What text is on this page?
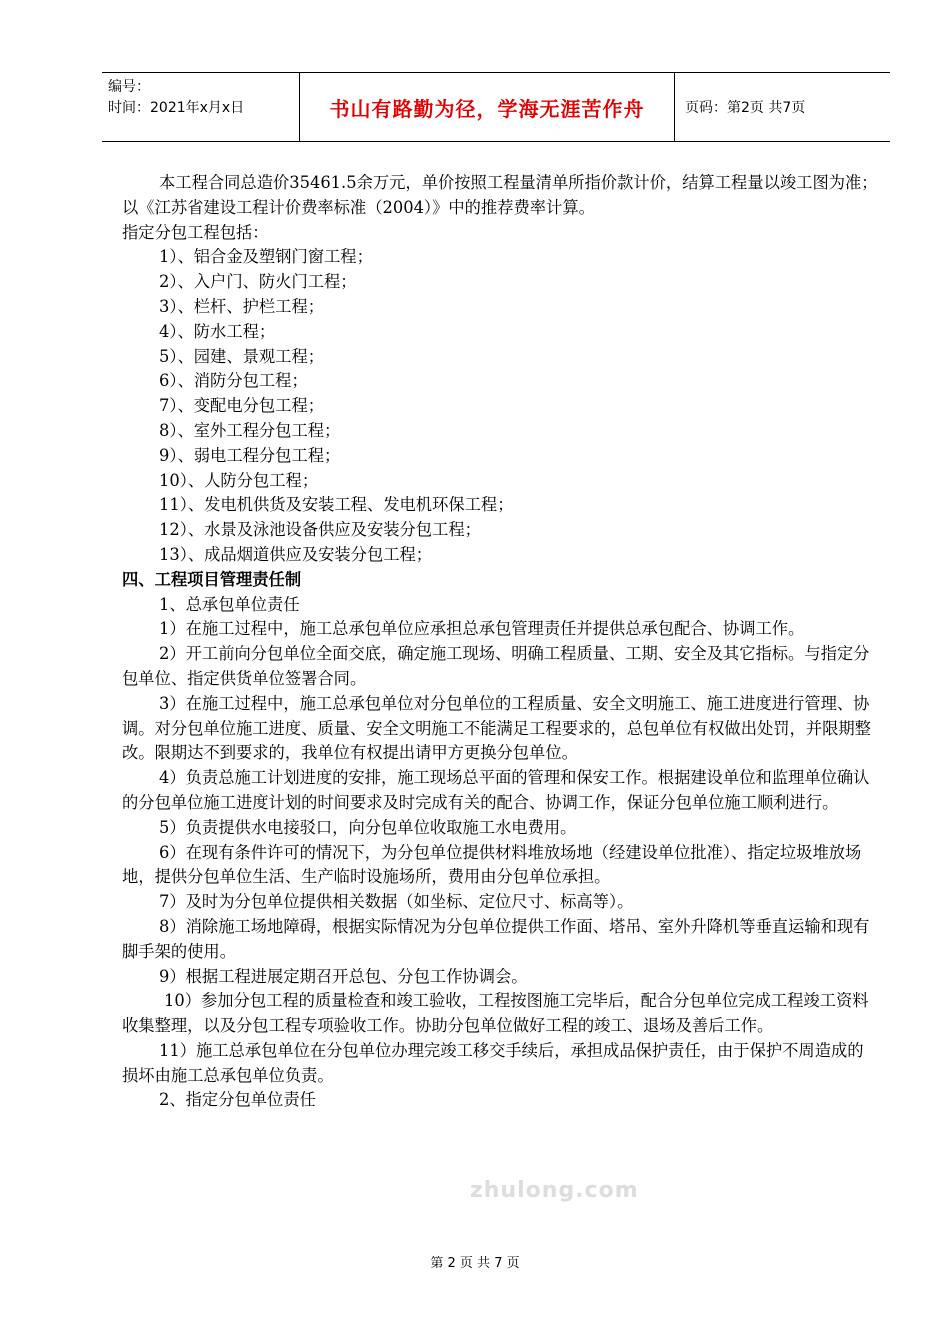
编号：
时间：2021年x月x日	书山有路勤为径，学海无涯苦作舟	页码：第2页 共7页

本工程合同总造价35461.5余万元，单价按照工程量清单所指价款计价，结算工程量以竣工图为准；以《江苏省建设工程计价费率标准（2004）》中的推荐费率计算。

指定分包工程包括：

1）、铝合金及塑钢门窗工程；

2）、入户门、防火门工程；

3）、栏杆、护栏工程；

4）、防水工程；

5）、园建、景观工程；

6）、消防分包工程；

7）、变配电分包工程；

8）、室外工程分包工程；

9）、弱电工程分包工程；

10）、人防分包工程；

11）、发电机供货及安装工程、发电机环保工程；

12）、水景及泳池设备供应及安装分包工程；

13）、成品烟道供应及安装分包工程；

四、工程项目管理责任制

1、总承包单位责任

1）在施工过程中，施工总承包单位应承担总承包管理责任并提供总承包配合、协调工作。

2）开工前向分包单位全面交底，确定施工现场、明确工程质量、工期、安全及其它指标。与指定分包单位、指定供货单位签署合同。

3）在施工过程中，施工总承包单位对分包单位的工程质量、安全文明施工、施工进度进行管理、协调。对分包单位施工进度、质量、安全文明施工不能满足工程要求的，总包单位有权做出处罚，并限期整改。限期达不到要求的，我单位有权提出请甲方更换分包单位。

4）负责总施工计划进度的安排，施工现场总平面的管理和保安工作。根据建设单位和监理单位确认的分包单位施工进度计划的时间要求及时完成有关的配合、协调工作，保证分包单位施工顺利进行。

5）负责提供水电接驳口，向分包单位收取施工水电费用。

6）在现有条件许可的情况下，为分包单位提供材料堆放场地（经建设单位批准）、指定垃圾堆放场地，提供分包单位生活、生产临时设施场所，费用由分包单位承担。

7）及时为分包单位提供相关数据（如坐标、定位尺寸、标高等）。

8）消除施工场地障碍，根据实际情况为分包单位提供工作面、塔吊、室外升降机等垂直运输和现有脚手架的使用。

9）根据工程进展定期召开总包、分包工作协调会。

10）参加分包工程的质量检查和竣工验收，工程按图施工完毕后，配合分包单位完成工程竣工资料收集整理，以及分包工程专项验收工作。协助分包单位做好工程的竣工、退场及善后工作。

11）施工总承包单位在分包单位办理完竣工移交手续后，承担成品保护责任，由于保护不周造成的损坏由施工总承包单位负责。

2、指定分包单位责任

zhulong.com
第 2 页 共 7 页
